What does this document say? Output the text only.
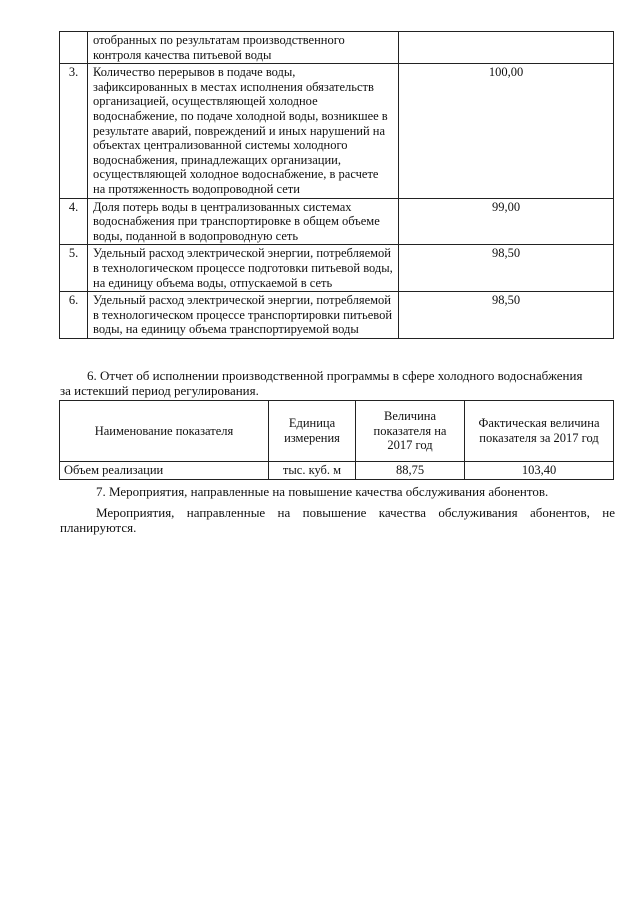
	отобранных по результатам производственного контроля качества питьевой воды	
3.	Количество перерывов в подаче воды, зафиксированных в местах исполнения обязательств организацией, осуществляющей холодное водоснабжение, по подаче холодной воды, возникшее в результате аварий, повреждений и иных нарушений на объектах централизованной системы холодного водоснабжения, принадлежащих организации, осуществляющей холодное водоснабжение, в расчете на протяженность водопроводной сети	100,00
4.	Доля потерь воды в централизованных системах водоснабжения при транспортировке в общем объеме воды, поданной в водопроводную сеть	99,00
5.	Удельный расход электрической энергии, потребляемой в технологическом процессе подготовки питьевой воды, на единицу объема воды, отпускаемой в сеть	98,50
6.	Удельный расход электрической энергии, потребляемой в технологическом процессе транспортировки питьевой воды, на единицу объема транспортируемой воды	98,50
6. Отчет об исполнении производственной программы в сфере холодного водоснабжения
за истекший период регулирования.
Наименование показателя	Единица измерения	Величина показателя на 2017 год	Фактическая величина показателя за 2017 год
Объем реализации	тыс. куб. м	88,75	103,40
7. Мероприятия, направленные на повышение качества обслуживания абонентов.
Мероприятия, направленные на повышение качества обслуживания абонентов, не планируются.
